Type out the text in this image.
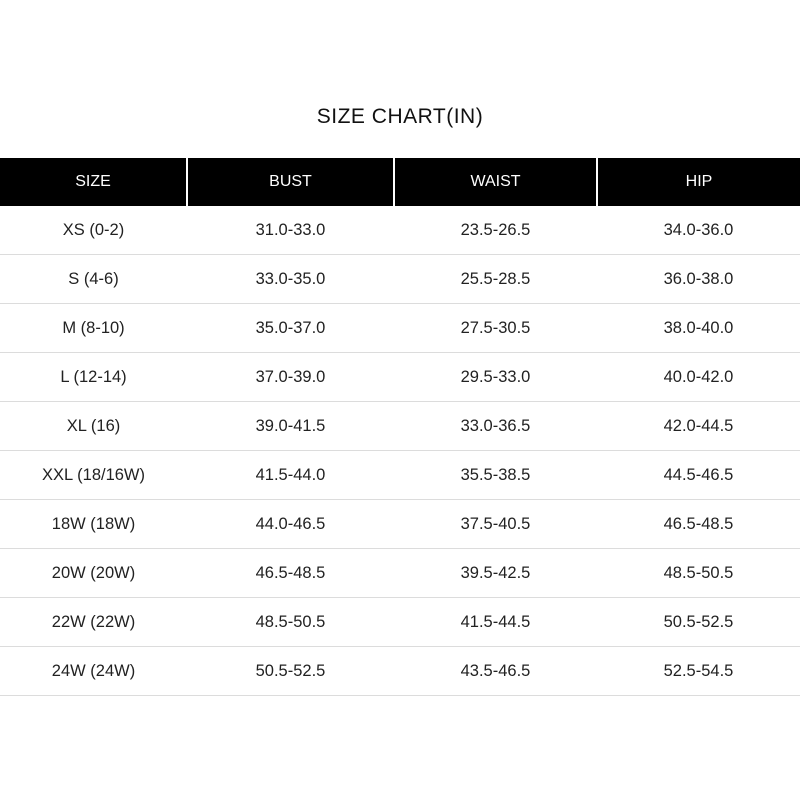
SIZE CHART(IN)
SIZE	BUST	WAIST	HIP
XS (0-2)	31.0-33.0	23.5-26.5	34.0-36.0
S (4-6)	33.0-35.0	25.5-28.5	36.0-38.0
M (8-10)	35.0-37.0	27.5-30.5	38.0-40.0
L (12-14)	37.0-39.0	29.5-33.0	40.0-42.0
XL (16)	39.0-41.5	33.0-36.5	42.0-44.5
XXL (18/16W)	41.5-44.0	35.5-38.5	44.5-46.5
18W (18W)	44.0-46.5	37.5-40.5	46.5-48.5
20W (20W)	46.5-48.5	39.5-42.5	48.5-50.5
22W (22W)	48.5-50.5	41.5-44.5	50.5-52.5
24W (24W)	50.5-52.5	43.5-46.5	52.5-54.5
